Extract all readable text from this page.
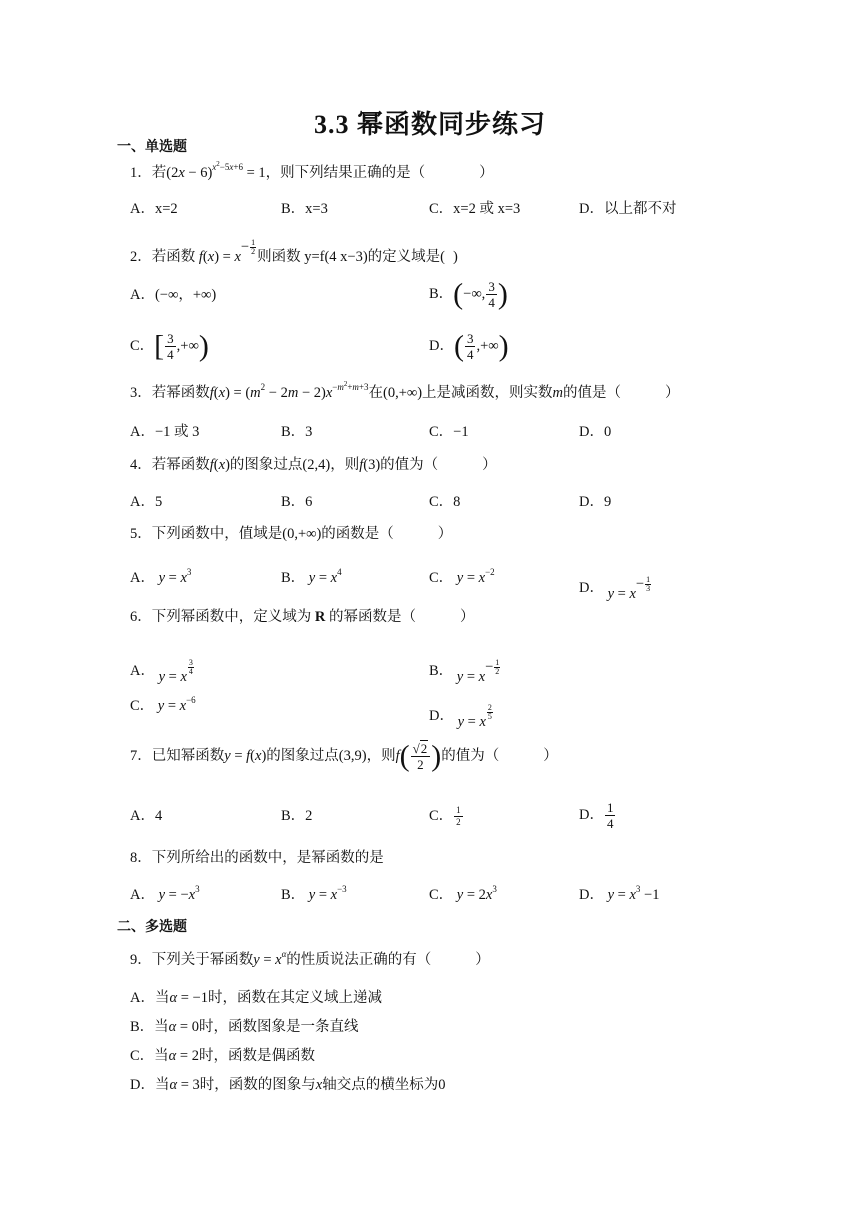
3.3 幂函数同步练习
一、单选题
1．若$(2x - 6)^{x^2-5x+6} = 1$，则下列结果正确的是（	）
A．x=2	B．x=3	C．x=2 或 x=3	D．以上都不对
2．若函数 $f(x) = x- \frac{1}{2}$
则函数 y=f(4 x−3)的定义域是( )
A．(−∞，+∞)	B．(−∞, $\frac{3}{4}$ )
C．[ $\frac{3}{4}$ ,+∞)	D．( $\frac{3}{4}$ ,+∞)
3．若幂函数$f(x) = (m^2 - 2m - 2)x^{-m^2+m+3}$在(0,+∞)上是减函数，则实数m的值是（	）
A．−1 或 3	B．3	C．−1	D．0
4．若幂函数f(x)的图象过点(2,4)，则f(3)的值为（	）
A．5	B．6	C．8	D．9
5．下列函数中，值域是(0,+∞)的函数是（	）
A． $y = x^3$	B． $y = x^4$	C． $y = x^{-2}$
D． $y = x- \frac{1}{3}$
6．下列幂函数中，定义域为 R 的幂函数是（	）
A． y = x
$\frac{3}{4}$	B． $y = x- \frac{1}{2}$
C． $y = x^{-6}$
D． y = x
$\frac{2}{5}$
7．已知幂函数y = f(x)的图象过点(3,9)，则$f( \frac{√2}{2}$ )的值为（	）
A．4	B．2	C． $\frac{1}{2}$	D． $\frac{1}{4}$
8．下列所给出的函数中，是幂函数的是
A． $y = -x^3$	B． $y = x^{-3}$	C． $y = 2x^3$	D． $y = x^3 -1$
二、多选题
9．下列关于幂函数$y = x^\alpha$的性质说法正确的有（	）
A．当α = −1时，函数在其定义域上递减
B．当α = 0时，函数图象是一条直线
C．当α = 2时，函数是偶函数
D．当α = 3时，函数的图象与x轴交点的横坐标为0
